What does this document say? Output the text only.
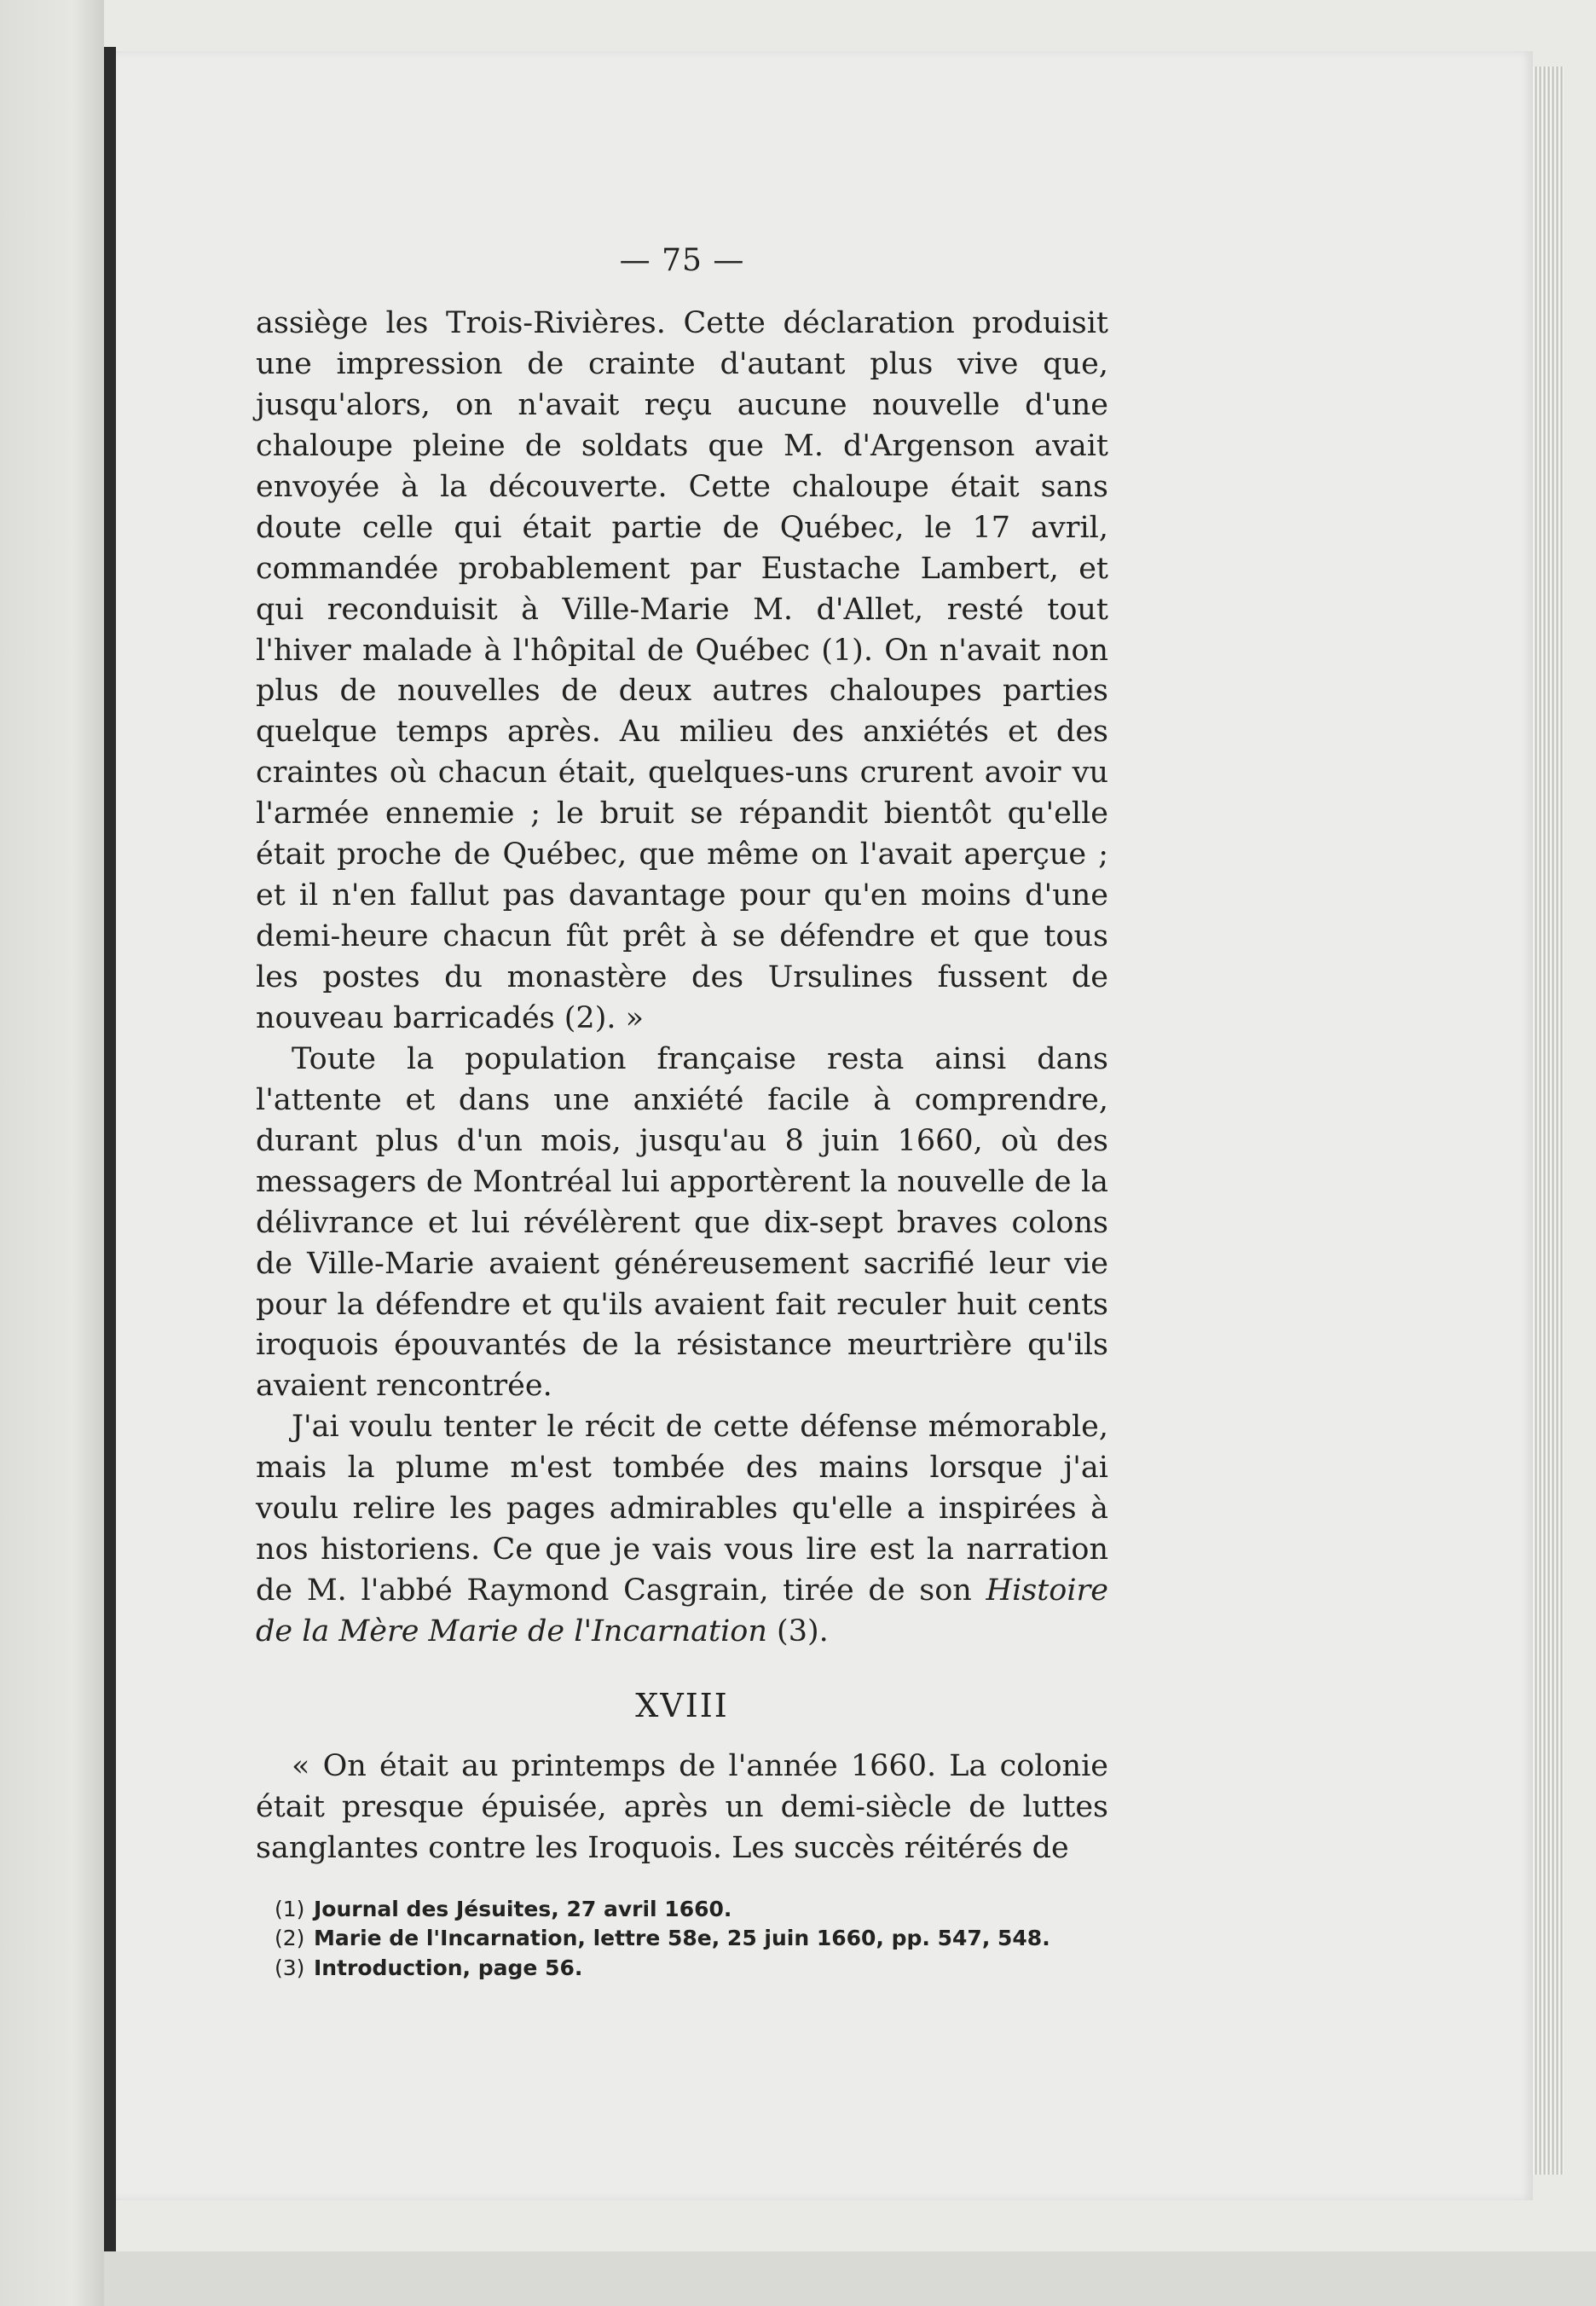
— 75 —

assiège les Trois-Rivières. Cette déclaration produisit une impression de crainte d'autant plus vive que, jusqu'alors, on n'avait reçu aucune nouvelle d'une chaloupe pleine de soldats que M. d'Argenson avait envoyée à la découverte. Cette chaloupe était sans doute celle qui était partie de Québec, le 17 avril, commandée probablement par Eustache Lambert, et qui reconduisit à Ville-Marie M. d'Allet, resté tout l'hiver malade à l'hôpital de Québec (1). On n'avait non plus de nouvelles de deux autres chaloupes parties quelque temps après. Au milieu des anxiétés et des craintes où chacun était, quelques-uns crurent avoir vu l'armée ennemie ; le bruit se répandit bientôt qu'elle était proche de Québec, que même on l'avait aperçue ; et il n'en fallut pas davantage pour qu'en moins d'une demi-heure chacun fût prêt à se défendre et que tous les postes du monastère des Ursulines fussent de nouveau barricadés (2). »

Toute la population française resta ainsi dans l'attente et dans une anxiété facile à comprendre, durant plus d'un mois, jusqu'au 8 juin 1660, où des messagers de Montréal lui apportèrent la nouvelle de la délivrance et lui révélèrent que dix-sept braves colons de Ville-Marie avaient généreusement sacrifié leur vie pour la défendre et qu'ils avaient fait reculer huit cents iroquois épouvantés de la résistance meurtrière qu'ils avaient rencontrée.

J'ai voulu tenter le récit de cette défense mémorable, mais la plume m'est tombée des mains lorsque j'ai voulu relire les pages admirables qu'elle a inspirées à nos historiens. Ce que je vais vous lire est la narration de M. l'abbé Raymond Casgrain, tirée de son Histoire de la Mère Marie de l'Incarnation (3).

XVIII

« On était au printemps de l'année 1660. La colonie était presque épuisée, après un demi-siècle de luttes sanglantes contre les Iroquois. Les succès réitérés de

(1) Journal des Jésuites, 27 avril 1660.
(2) Marie de l'Incarnation, lettre 58e, 25 juin 1660, pp. 547, 548.
(3) Introduction, page 56.
